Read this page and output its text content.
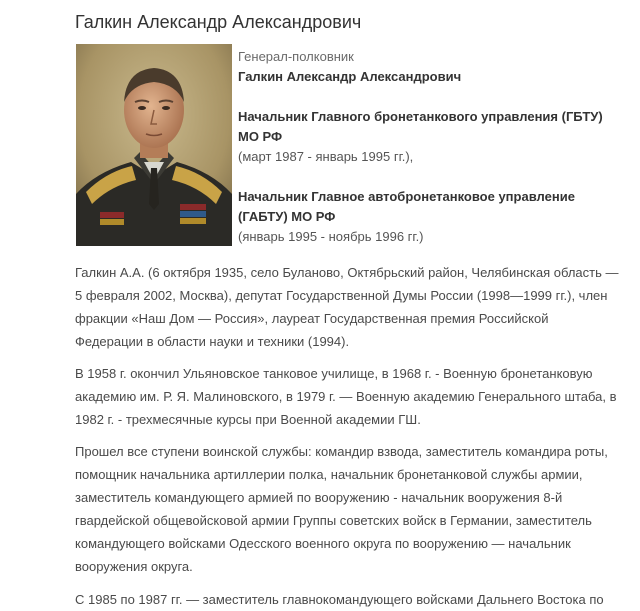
Галкин Александр Александрович
Генерал-полковник
Галкин Александр Александрович
Начальник Главного бронетанкового управления (ГБТУ)
МО РФ
(март 1987 - январь 1995 гг.),
Начальник Главное автобронетанковое управление
(ГАБТУ) МО РФ
(январь 1995 - ноябрь 1996 гг.)
Галкин А.А. (6 октября 1935, село Буланово, Октябрьский район, Челябинская область —
5 февраля 2002, Москва), депутат Государственной Думы России (1998—1999 гг.), член
фракции «Наш Дом — Россия», лауреат Государственная премия Российской
Федерации в области науки и техники (1994).
В 1958 г. окончил Ульяновское танковое училище, в 1968 г. - Военную бронетанковую
академию им. Р. Я. Малиновского, в 1979 г. — Военную академию Генерального штаба, в
1982 г. - трехмесячные курсы при Военной академии ГШ.
Прошел все ступени воинской службы: командир взвода, заместитель командира роты,
помощник начальника артиллерии полка, начальник бронетанковой службы армии,
заместитель командующего армией по вооружению - начальник вооружения 8-й
гвардейской общевойсковой армии Группы советских войск в Германии, заместитель
командующего войсками Одесского военного округа по вооружению — начальник
вооружения округа.
С 1985 по 1987 гг. — заместитель главнокомандующего войсками Дальнего Востока по
